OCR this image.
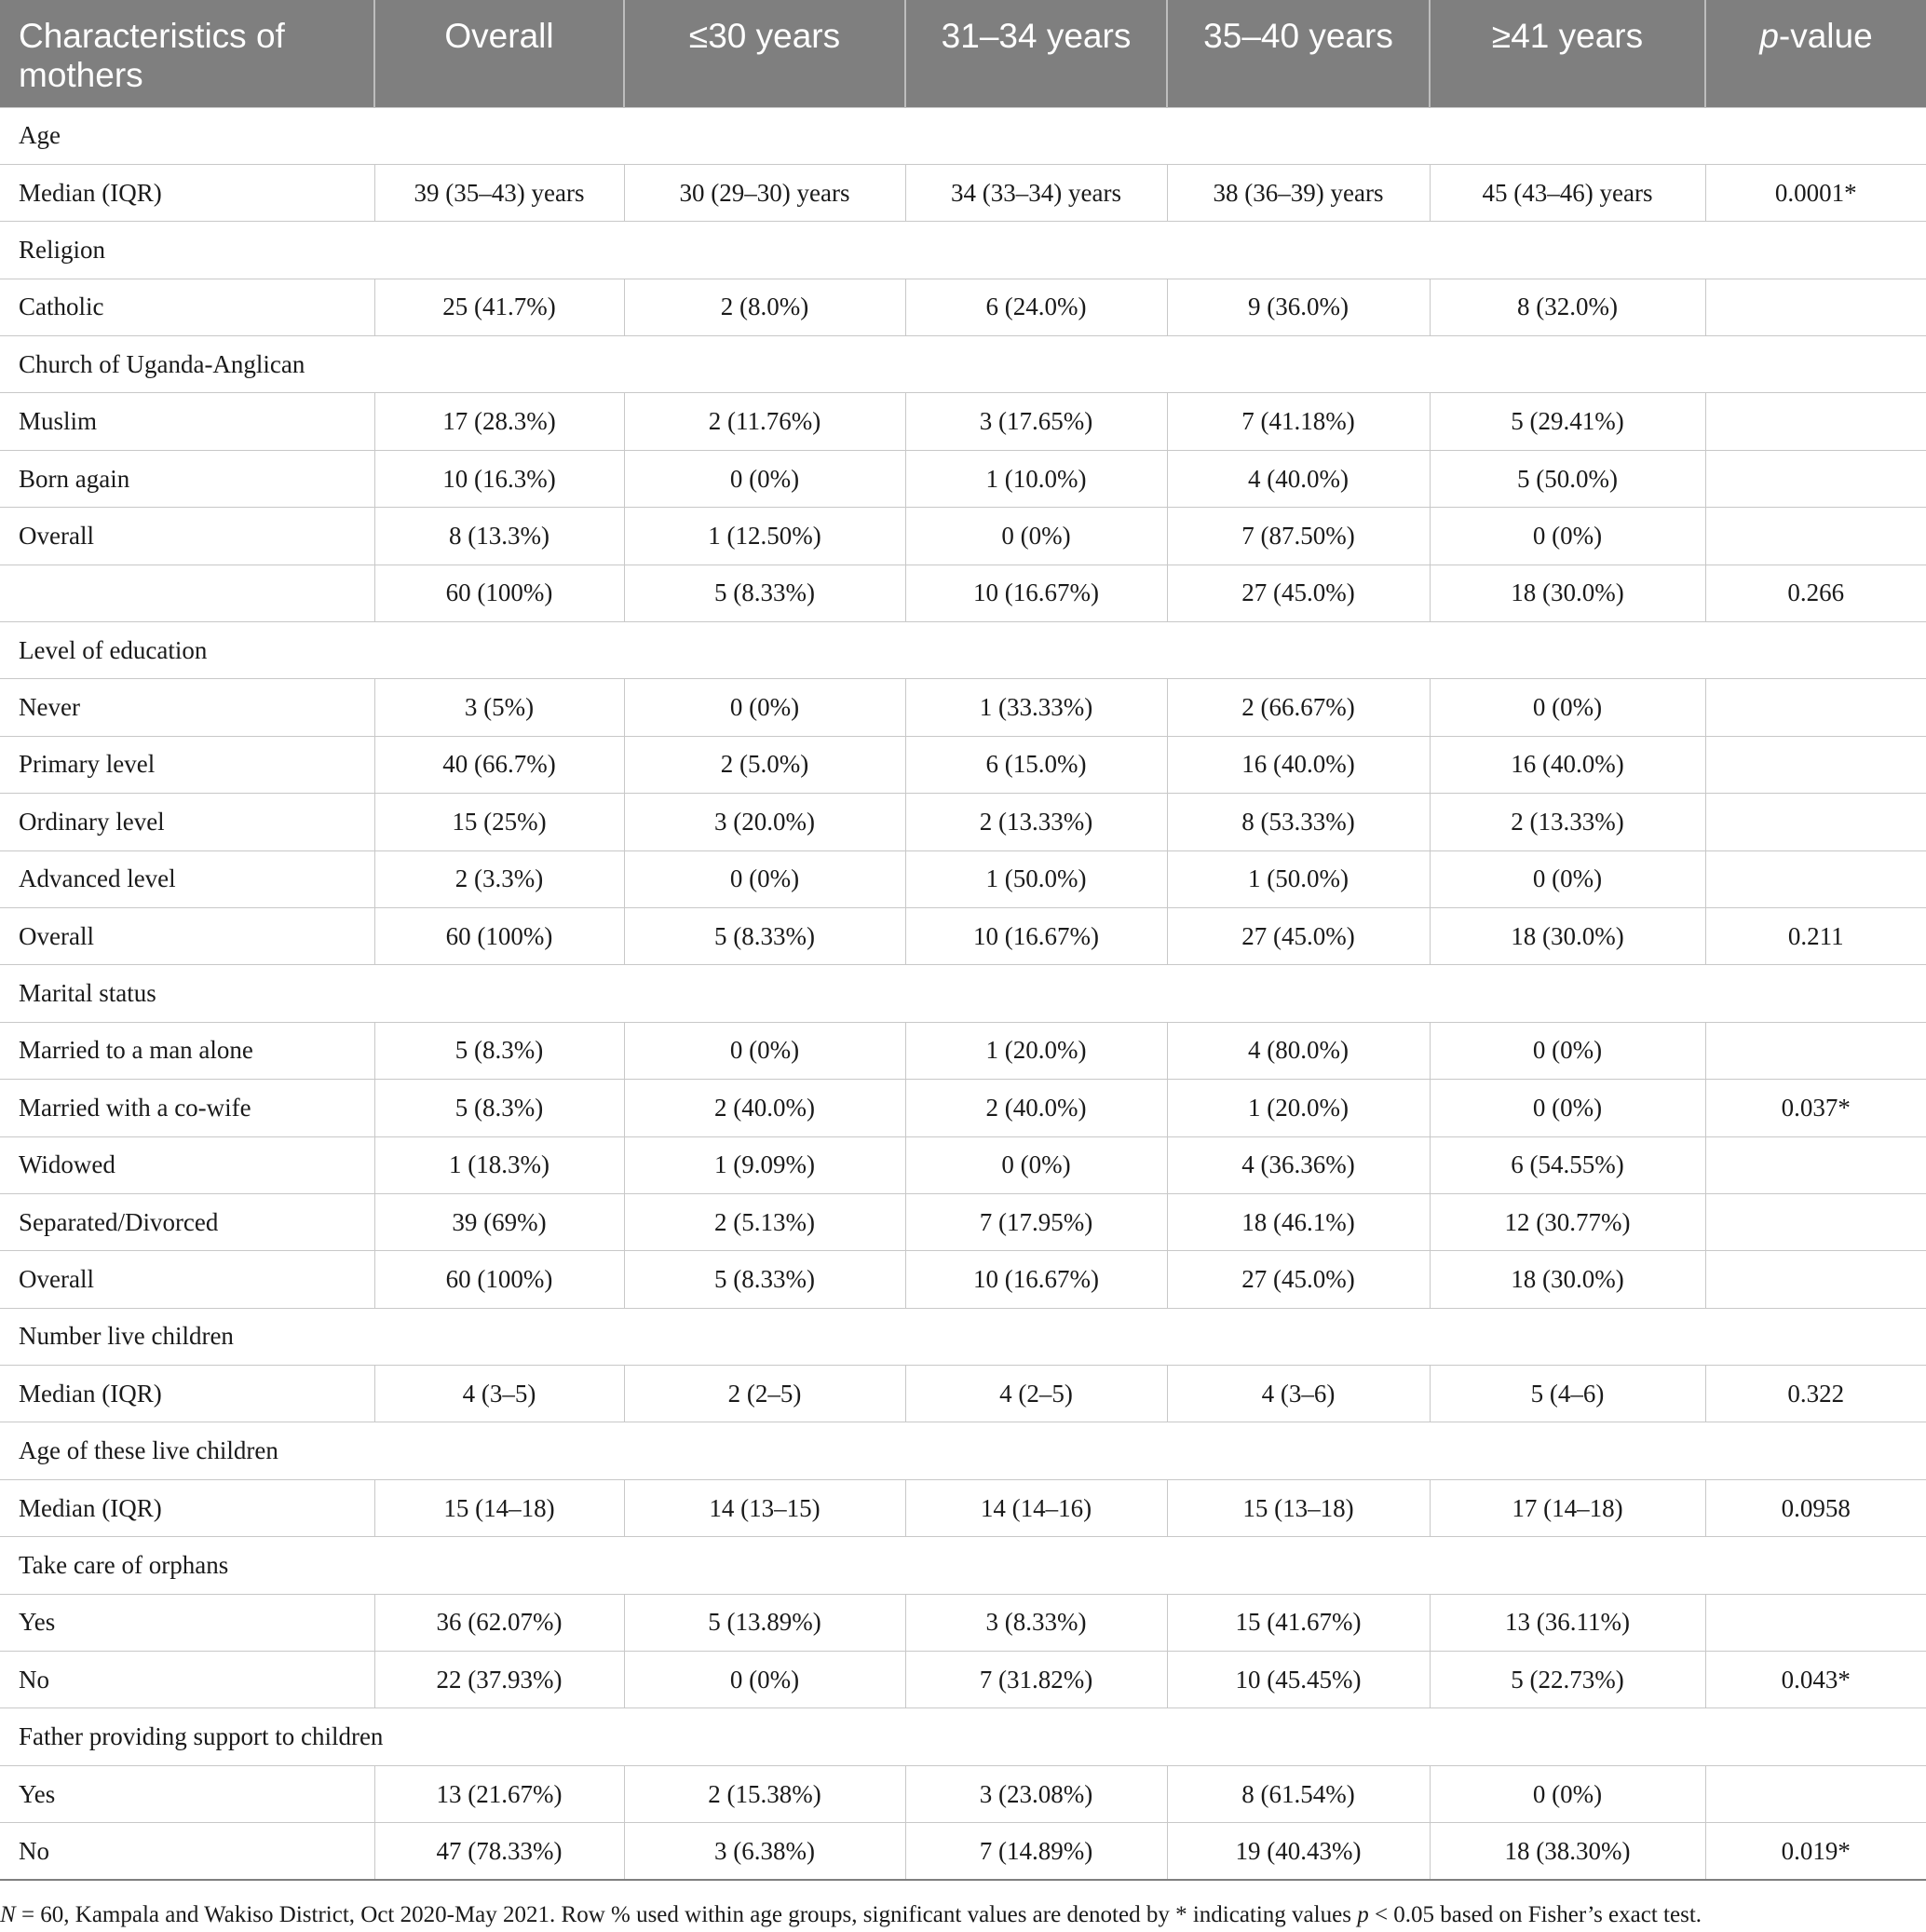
Characteristics of mothers	Overall	≤30 years	31–34 years	35–40 years	≥41 years	p-value
Age						
Median (IQR)	39 (35–43) years	30 (29–30) years	34 (33–34) years	38 (36–39) years	45 (43–46) years	0.0001*
Religion						
Catholic	25 (41.7%)	2 (8.0%)	6 (24.0%)	9 (36.0%)	8 (32.0%)	
Church of Uganda-Anglican						
Muslim	17 (28.3%)	2 (11.76%)	3 (17.65%)	7 (41.18%)	5 (29.41%)	
Born again	10 (16.3%)	0 (0%)	1 (10.0%)	4 (40.0%)	5 (50.0%)	
Overall	8 (13.3%)	1 (12.50%)	0 (0%)	7 (87.50%)	0 (0%)	
	60 (100%)	5 (8.33%)	10 (16.67%)	27 (45.0%)	18 (30.0%)	0.266
Level of education						
Never	3 (5%)	0 (0%)	1 (33.33%)	2 (66.67%)	0 (0%)	
Primary level	40 (66.7%)	2 (5.0%)	6 (15.0%)	16 (40.0%)	16 (40.0%)	
Ordinary level	15 (25%)	3 (20.0%)	2 (13.33%)	8 (53.33%)	2 (13.33%)	
Advanced level	2 (3.3%)	0 (0%)	1 (50.0%)	1 (50.0%)	0 (0%)	
Overall	60 (100%)	5 (8.33%)	10 (16.67%)	27 (45.0%)	18 (30.0%)	0.211
Marital status						
Married to a man alone	5 (8.3%)	0 (0%)	1 (20.0%)	4 (80.0%)	0 (0%)	
Married with a co-wife	5 (8.3%)	2 (40.0%)	2 (40.0%)	1 (20.0%)	0 (0%)	0.037*
Widowed	1 (18.3%)	1 (9.09%)	0 (0%)	4 (36.36%)	6 (54.55%)	
Separated/Divorced	39 (69%)	2 (5.13%)	7 (17.95%)	18 (46.1%)	12 (30.77%)	
Overall	60 (100%)	5 (8.33%)	10 (16.67%)	27 (45.0%)	18 (30.0%)	
Number live children						
Median (IQR)	4 (3–5)	2 (2–5)	4 (2–5)	4 (3–6)	5 (4–6)	0.322
Age of these live children						
Median (IQR)	15 (14–18)	14 (13–15)	14 (14–16)	15 (13–18)	17 (14–18)	0.0958
Take care of orphans						
Yes	36 (62.07%)	5 (13.89%)	3 (8.33%)	15 (41.67%)	13 (36.11%)	
No	22 (37.93%)	0 (0%)	7 (31.82%)	10 (45.45%)	5 (22.73%)	0.043*
Father providing support to children						
Yes	13 (21.67%)	2 (15.38%)	3 (23.08%)	8 (61.54%)	0 (0%)	
No	47 (78.33%)	3 (6.38%)	7 (14.89%)	19 (40.43%)	18 (38.30%)	0.019*
N = 60, Kampala and Wakiso District, Oct 2020-May 2021. Row % used within age groups, significant values are denoted by * indicating values p < 0.05 based on Fisher’s exact test.
